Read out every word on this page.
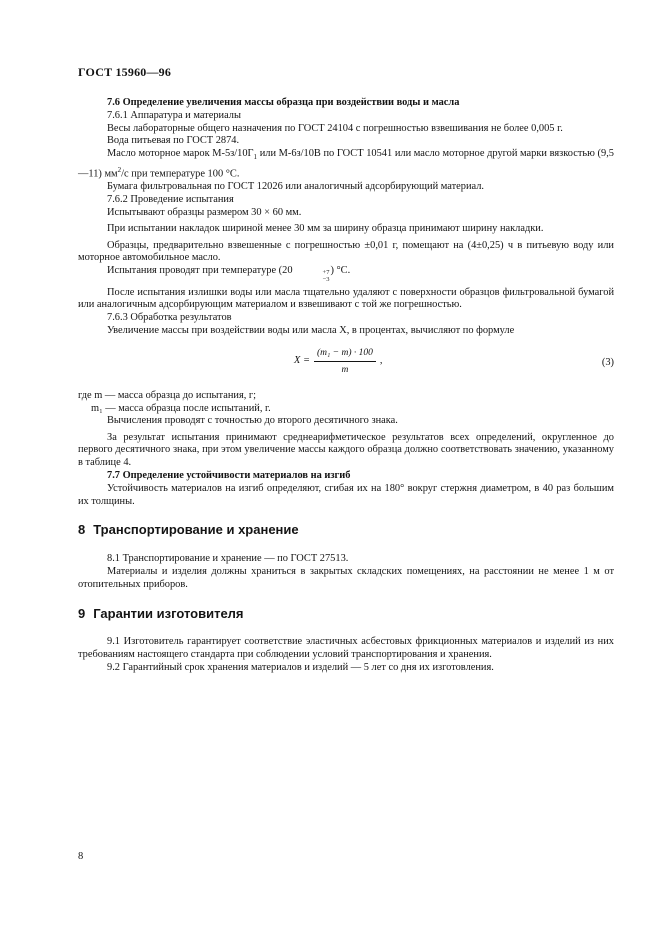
ГОСТ 15960—96

7.6 Определение увеличения массы образца при воздействии воды и масла

7.6.1 Аппаратура и материалы

Весы лабораторные общего назначения по ГОСТ 24104 с погрешностью взвешивания не более 0,005 г.

Вода питьевая по ГОСТ 2874.

Масло моторное марок $М-5з/10Г_1$ или М-6з/10В по ГОСТ 10541 или масло моторное другой марки вязкостью (9,5—11) $мм^2/с$ при температуре 100 °С.

Бумага фильтровальная по ГОСТ 12026 или аналогичный адсорбирующий материал.

7.6.2 Проведение испытания

Испытывают образцы размером 30 × 60 мм.

При испытании накладок шириной менее 30 мм за ширину образца принимают ширину накладки.

Образцы, предварительно взвешенные с погрешностью ±0,01 г, помещают на (4±0,25) ч в питьевую воду или моторное автомобильное масло.

Испытания проводят при температуре (20	+7
−3
) °С.

После испытания излишки воды или масла тщательно удаляют с поверхности образцов фильтровальной бумагой или аналогичным адсорбирующим материалом и взвешивают с той же погрешностью.

7.6.3 Обработка результатов

Увеличение массы при воздействии воды или масла X, в процентах, вычисляют по формуле

$X = \frac{\text{(m₁ − m) · 100}}{m}$ ,	(3)

где m — масса образца до испытания, г;

m₁ — масса образца после испытаний, г.

Вычисления проводят с точностью до второго десятичного знака.

За результат испытания принимают среднеарифметическое результатов всех определений, округленное до первого десятичного знака, при этом увеличение массы каждого образца должно соответствовать значению, указанному в таблице 4.

7.7 Определение устойчивости материалов на изгиб

Устойчивость материалов на изгиб определяют, сгибая их на 180° вокруг стержня диаметром, в 40 раз большим их толщины.

8 Транспортирование и хранение

8.1 Транспортирование и хранение — по ГОСТ 27513.

Материалы и изделия должны храниться в закрытых складских помещениях, на расстоянии не менее 1 м от отопительных приборов.

9 Гарантии изготовителя

9.1 Изготовитель гарантирует соответствие эластичных асбестовых фрикционных материалов и изделий из них требованиям настоящего стандарта при соблюдении условий транспортирования и хранения.

9.2 Гарантийный срок хранения материалов и изделий — 5 лет со дня их изготовления.

8
